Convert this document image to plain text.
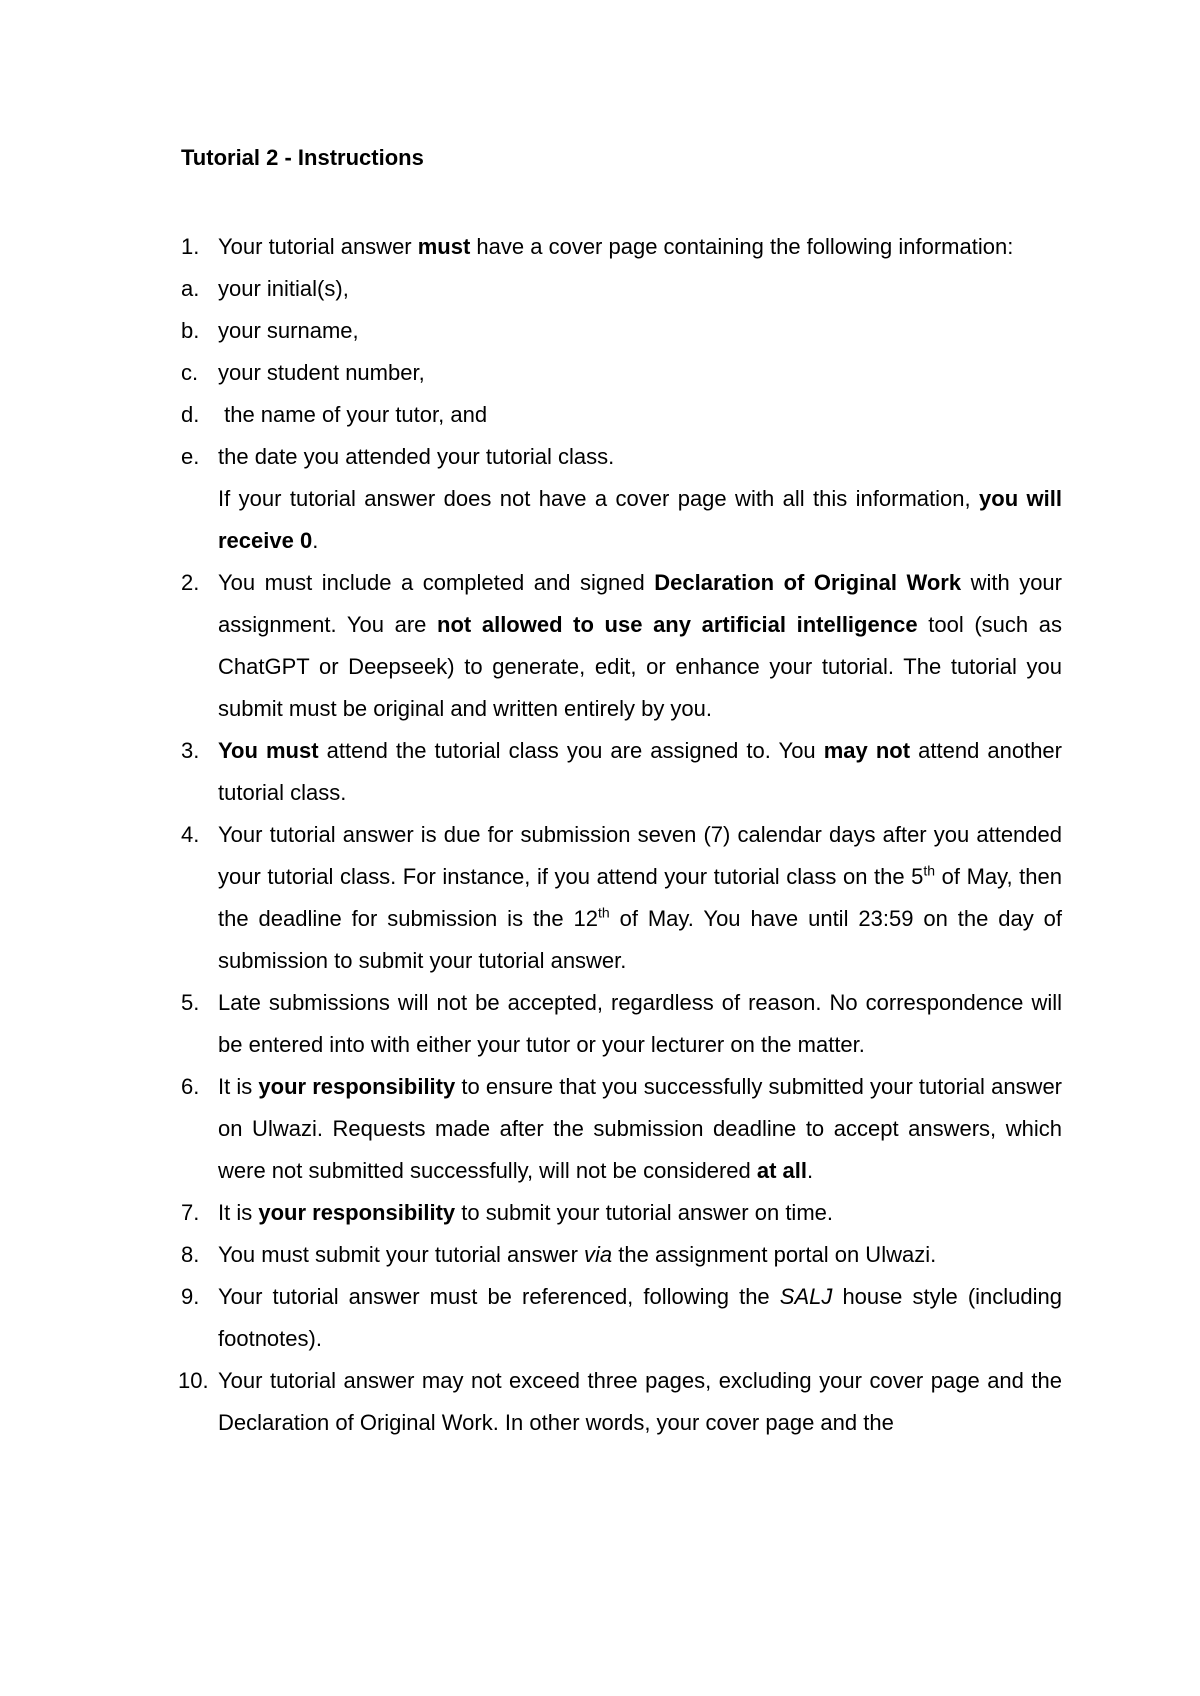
Tutorial 2 - Instructions
1. Your tutorial answer must have a cover page containing the following information:
a. your initial(s),
b. your surname,
c. your student number,
d. the name of your tutor, and
e. the date you attended your tutorial class.
If your tutorial answer does not have a cover page with all this information, you will receive 0.
2. You must include a completed and signed Declaration of Original Work with your assignment. You are not allowed to use any artificial intelligence tool (such as ChatGPT or Deepseek) to generate, edit, or enhance your tutorial. The tutorial you submit must be original and written entirely by you.
3. You must attend the tutorial class you are assigned to. You may not attend another tutorial class.
4. Your tutorial answer is due for submission seven (7) calendar days after you attended your tutorial class. For instance, if you attend your tutorial class on the 5th of May, then the deadline for submission is the 12th of May. You have until 23:59 on the day of submission to submit your tutorial answer.
5. Late submissions will not be accepted, regardless of reason. No correspondence will be entered into with either your tutor or your lecturer on the matter.
6. It is your responsibility to ensure that you successfully submitted your tutorial answer on Ulwazi. Requests made after the submission deadline to accept answers, which were not submitted successfully, will not be considered at all.
7. It is your responsibility to submit your tutorial answer on time.
8. You must submit your tutorial answer via the assignment portal on Ulwazi.
9. Your tutorial answer must be referenced, following the SALJ house style (including footnotes).
10. Your tutorial answer may not exceed three pages, excluding your cover page and the Declaration of Original Work. In other words, your cover page and the
